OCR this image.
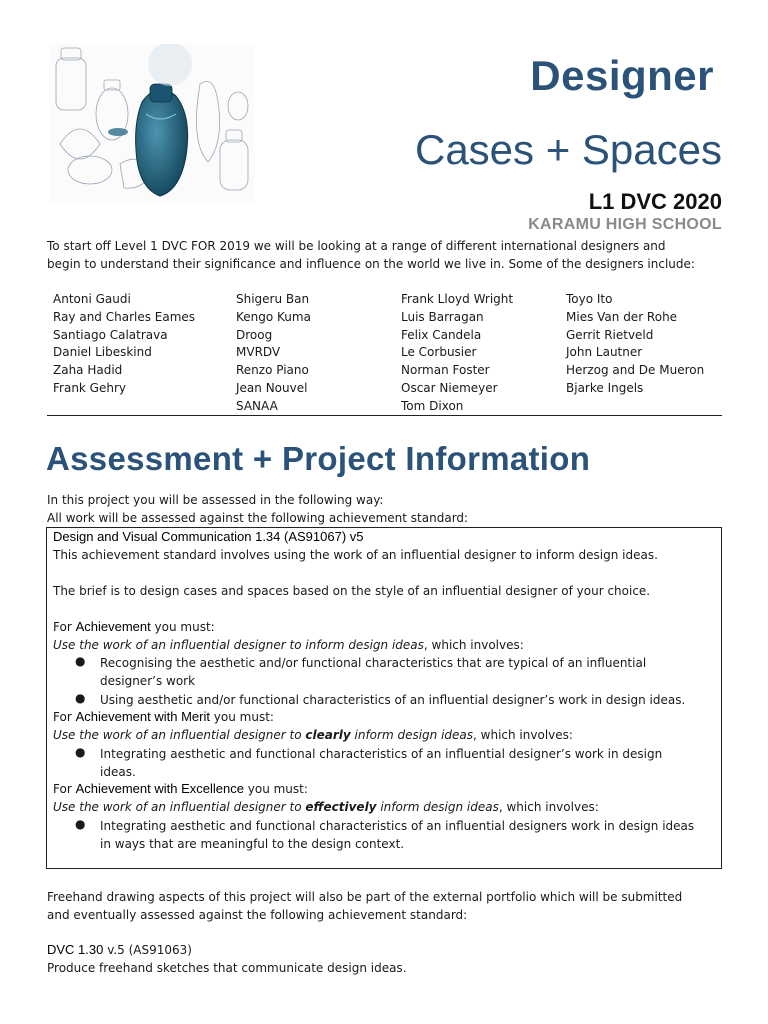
Designer
Cases + Spaces
L1 DVC 2020
KARAMU HIGH SCHOOL
To start off Level 1 DVC FOR 2019 we will be looking at a range of different international designers and
begin to understand their significance and influence on the world we live in. Some of the designers include:
Antoni Gaudi
Ray and Charles Eames
Santiago Calatrava
Daniel Libeskind
Zaha Hadid
Frank Gehry
Shigeru Ban
Kengo Kuma
Droog
MVRDV
Renzo Piano
Jean Nouvel
SANAA
Frank Lloyd Wright
Luis Barragan
Felix Candela
Le Corbusier
Norman Foster
Oscar Niemeyer
Tom Dixon
Toyo Ito
Mies Van der Rohe
Gerrit Rietveld
John Lautner
Herzog and De Mueron
Bjarke Ingels
Assessment + Project Information
In this project you will be assessed in the following way:
All work will be assessed against the following achievement standard:
Design and Visual Communication 1.34 (AS91067) v5
This achievement standard involves using the work of an influential designer to inform design ideas.
The brief is to design cases and spaces based on the style of an influential designer of your choice.
For Achievement you must:
Use the work of an influential designer to inform design ideas, which involves:
● Recognising the aesthetic and/or functional characteristics that are typical of an influential
designer’s work
● Using aesthetic and/or functional characteristics of an influential designer’s work in design ideas.
For Achievement with Merit you must:
Use the work of an influential designer to clearly inform design ideas, which involves:
● Integrating aesthetic and functional characteristics of an influential designer’s work in design
ideas.
For Achievement with Excellence you must:
Use the work of an influential designer to effectively inform design ideas, which involves:
● Integrating aesthetic and functional characteristics of an influential designers work in design ideas
in ways that are meaningful to the design context.
Freehand drawing aspects of this project will also be part of the external portfolio which will be submitted
and eventually assessed against the following achievement standard:
DVC 1.30 v.5 (AS91063)
Produce freehand sketches that communicate design ideas.
